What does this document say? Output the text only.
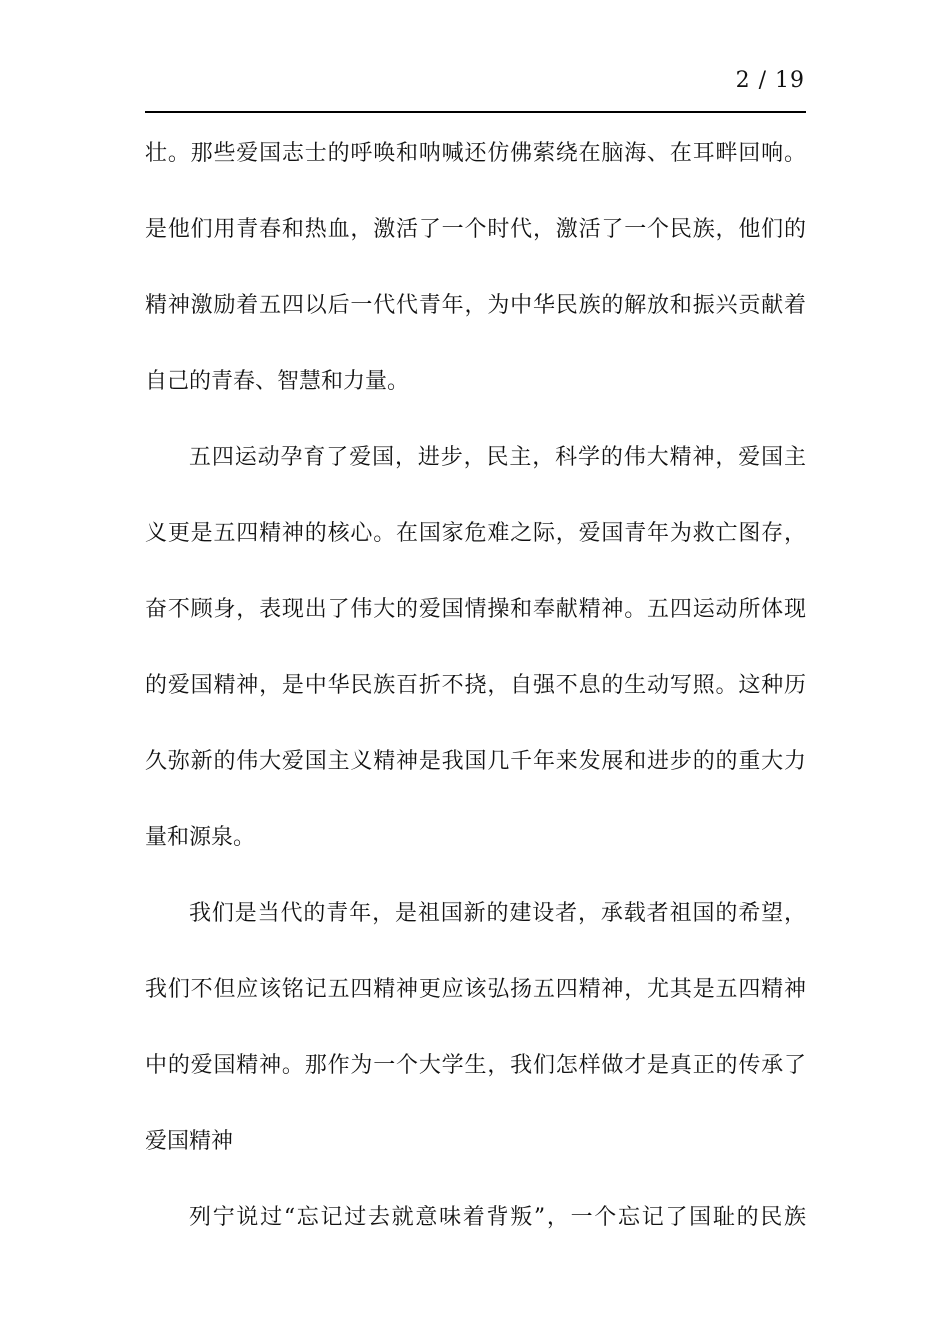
2 / 19
壮。那些爱国志士的呼唤和呐喊还仿佛萦绕在脑海、在耳畔回响。
是他们用青春和热血，激活了一个时代，激活了一个民族，他们的
精神激励着五四以后一代代青年，为中华民族的解放和振兴贡献着
自己的青春、智慧和力量。
五四运动孕育了爱国，进步，民主，科学的伟大精神，爱国主
义更是五四精神的核心。在国家危难之际，爱国青年为救亡图存，
奋不顾身，表现出了伟大的爱国情操和奉献精神。五四运动所体现
的爱国精神，是中华民族百折不挠，自强不息的生动写照。这种历
久弥新的伟大爱国主义精神是我国几千年来发展和进步的的重大力
量和源泉。
我们是当代的青年，是祖国新的建设者，承载者祖国的希望，
我们不但应该铭记五四精神更应该弘扬五四精神，尤其是五四精神
中的爱国精神。那作为一个大学生，我们怎样做才是真正的传承了
爱国精神
列宁说过“忘记过去就意味着背叛”，一个忘记了国耻的民族
